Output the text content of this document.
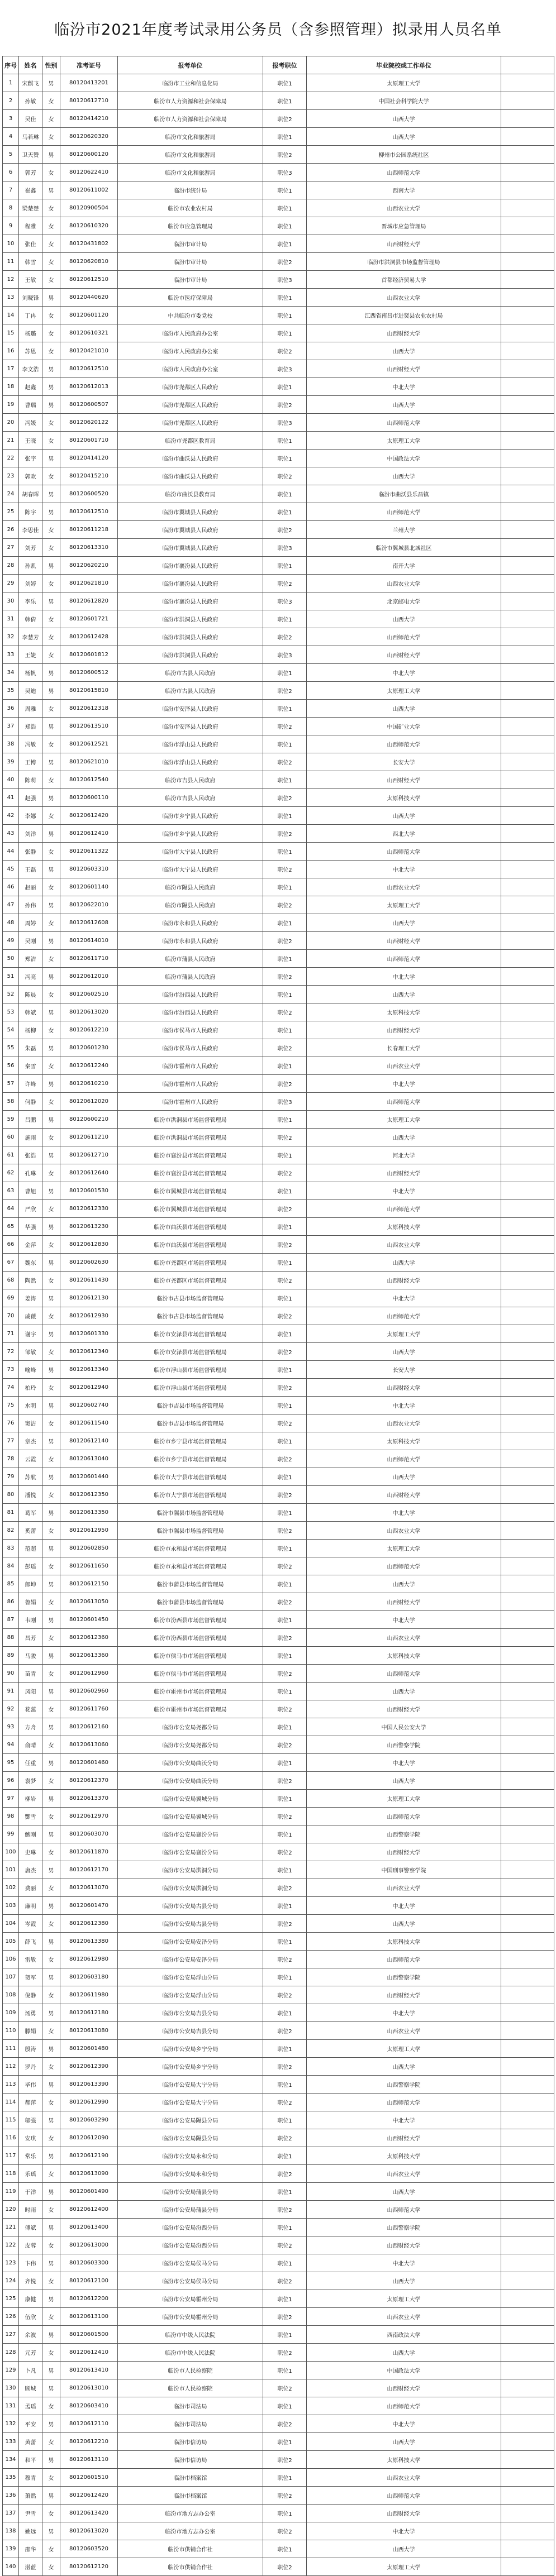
临汾市2021年度考试录用公务员（含参照管理）拟录用人员名单
序号	姓名	性别	准考证号	报考单位	报考职位	毕业院校或工作单位	
1	宋麒飞	男	80120413201	临汾市工业和信息化局	职位1	太原理工大学	
2	孙敏	女	80120612710	临汾市人力资源和社会保障局	职位1	中国社会科学院大学	
3	吴佳	女	80120414210	临汾市人力资源和社会保障局	职位2	山西大学	
4	马若琳	女	80120620320	临汾市文化和旅游局	职位1	山西大学	
5	卫天赞	男	80120600120	临汾市文化和旅游局	职位2	柳州市公园系统社区	
6	郭芳	女	80120622410	临汾市文化和旅游局	职位3	山西师范大学	
7	崔鑫	男	80120611002	临汾市统计局	职位1	西南大学	
8	梁楚楚	女	80120900504	临汾市农业农村局	职位1	山西农业大学	
9	程雅	女	80120610320	临汾市应急管理局	职位1	晋城市应急管理局	
10	张佳	女	80120431802	临汾市审计局	职位1	山西财经大学	
11	韩雪	女	80120620810	临汾市审计局	职位2	临汾市洪洞县市场监督管理局	
12	王敏	女	80120612510	临汾市审计局	职位3	首都经济贸易大学	
13	刘晓锋	男	80120440620	临汾市医疗保障局	职位1	山西农业大学	
14	丁冉	女	80120601120	中共临汾市委党校	职位1	江西省南昌市进贤县农业农村局	
15	杨璐	女	80120610321	临汾市人民政府办公室	职位1	山西财经大学	
16	苏思	女	80120421010	临汾市人民政府办公室	职位2	山西大学	
17	李文浩	男	80120612510	临汾市人民政府办公室	职位3	山西财经大学	
18	赵鑫	男	80120612013	临汾市尧都区人民政府	职位1	中北大学	
19	曹瑞	男	80120600507	临汾市尧都区人民政府	职位2	山西大学	
20	冯媛	女	80120620122	临汾市尧都区人民政府	职位3	山西师范大学	
21	王晓	女	80120601710	临汾市尧都区教育局	职位1	太原理工大学	
22	张宇	男	80120414120	临汾市曲沃县人民政府	职位1	中国政法大学	
23	郭欢	女	80120415210	临汾市曲沃县人民政府	职位2	山西大学	
24	胡春晖	男	80120600520	临汾市曲沃县教育局	职位1	临汾市曲沃县乐昌镇	
25	陈宇	男	80120612510	临汾市翼城县人民政府	职位1	山西师范大学	
26	李思佳	女	80120611218	临汾市翼城县人民政府	职位2	兰州大学	
27	刘芳	女	80120613310	临汾市翼城县人民政府	职位3	临汾市翼城县北城社区	
28	孙凯	男	80120620210	临汾市襄汾县人民政府	职位1	南开大学	
29	刘婷	女	80120621810	临汾市襄汾县人民政府	职位2	山西农业大学	
30	李乐	男	80120612820	临汾市襄汾县人民政府	职位3	北京邮电大学	
31	韩倩	女	80120601721	临汾市洪洞县人民政府	职位1	山西大学	
32	李慧芳	女	80120612428	临汾市洪洞县人民政府	职位2	山西师范大学	
33	王婕	女	80120601812	临汾市洪洞县人民政府	职位3	山西财经大学	
34	杨帆	男	80120600512	临汾市古县人民政府	职位1	中北大学	
35	吴迪	男	80120615810	临汾市古县人民政府	职位2	太原理工大学	
36	周雅	女	80120612318	临汾市安泽县人民政府	职位1	山西大学	
37	郑浩	男	80120613510	临汾市安泽县人民政府	职位2	中国矿业大学	
38	冯敏	女	80120612521	临汾市浮山县人民政府	职位1	山西师范大学	
39	王博	男	80120621010	临汾市浮山县人民政府	职位2	长安大学	
40	陈莉	女	80120612540	临汾市吉县人民政府	职位1	山西财经大学	
41	赵强	男	80120600110	临汾市吉县人民政府	职位2	太原科技大学	
42	李娜	女	80120612420	临汾市乡宁县人民政府	职位1	山西大学	
43	刘洋	男	80120612410	临汾市乡宁县人民政府	职位2	西北大学	
44	张静	女	80120611322	临汾市大宁县人民政府	职位1	山西师范大学	
45	王磊	男	80120603310	临汾市大宁县人民政府	职位2	中北大学	
46	赵丽	女	80120601140	临汾市隰县人民政府	职位1	山西农业大学	
47	孙伟	男	80120622010	临汾市隰县人民政府	职位2	太原理工大学	
48	周婷	女	80120612608	临汾市永和县人民政府	职位1	山西大学	
49	吴刚	男	80120614010	临汾市永和县人民政府	职位2	山西财经大学	
50	郑洁	女	80120611710	临汾市蒲县人民政府	职位1	山西师范大学	
51	冯亮	男	80120612010	临汾市蒲县人民政府	职位2	中北大学	
52	陈晨	女	80120602510	临汾市汾西县人民政府	职位1	山西大学	
53	韩斌	男	80120613020	临汾市汾西县人民政府	职位2	太原科技大学	
54	杨柳	女	80120612210	临汾市侯马市人民政府	职位1	山西财经大学	
55	朱磊	男	80120601230	临汾市侯马市人民政府	职位2	长春理工大学	
56	秦雪	女	80120612240	临汾市霍州市人民政府	职位1	山西农业大学	
57	许峰	男	80120610210	临汾市霍州市人民政府	职位2	中北大学	
58	何静	女	80120612020	临汾市霍州市人民政府	职位3	山西师范大学	
59	吕鹏	男	80120600210	临汾市洪洞县市场监督管理局	职位1	太原理工大学	
60	施雨	女	80120611210	临汾市洪洞县市场监督管理局	职位2	山西大学	
61	张浩	男	80120612710	临汾市襄汾县市场监督管理局	职位1	河北大学	
62	孔琳	女	80120612640	临汾市襄汾县市场监督管理局	职位2	山西财经大学	
63	曹旭	男	80120601530	临汾市翼城县市场监督管理局	职位1	中北大学	
64	严欣	女	80120612330	临汾市翼城县市场监督管理局	职位2	山西师范大学	
65	华强	男	80120613230	临汾市曲沃县市场监督管理局	职位1	太原科技大学	
66	金萍	女	80120612830	临汾市曲沃县市场监督管理局	职位2	山西农业大学	
67	魏东	男	80120602630	临汾市尧都区市场监督管理局	职位1	山西大学	
68	陶然	女	80120611430	临汾市尧都区市场监督管理局	职位2	山西财经大学	
69	姜涛	男	80120612130	临汾市古县市场监督管理局	职位1	中北大学	
70	戚薇	女	80120612930	临汾市古县市场监督管理局	职位2	山西师范大学	
71	谢宇	男	80120601330	临汾市安泽县市场监督管理局	职位1	太原理工大学	
72	邹敏	女	80120612340	临汾市安泽县市场监督管理局	职位2	山西大学	
73	喻峰	男	80120613340	临汾市浮山县市场监督管理局	职位1	长安大学	
74	柏玲	女	80120612940	临汾市浮山县市场监督管理局	职位2	山西财经大学	
75	水明	男	80120602740	临汾市吉县市场监督管理局	职位1	中北大学	
76	窦洁	女	80120611540	临汾市吉县市场监督管理局	职位2	山西农业大学	
77	章杰	男	80120612140	临汾市乡宁县市场监督管理局	职位1	太原科技大学	
78	云霞	女	80120613040	临汾市乡宁县市场监督管理局	职位2	山西师范大学	
79	苏航	男	80120601440	临汾市大宁县市场监督管理局	职位1	山西大学	
80	潘悦	女	80120612350	临汾市大宁县市场监督管理局	职位2	山西财经大学	
81	葛军	男	80120613350	临汾市隰县市场监督管理局	职位1	中北大学	
82	奚蕾	女	80120612950	临汾市隰县市场监督管理局	职位2	山西农业大学	
83	范超	男	80120602850	临汾市永和县市场监督管理局	职位1	太原理工大学	
84	彭瑶	女	80120611650	临汾市永和县市场监督管理局	职位2	山西师范大学	
85	郎坤	男	80120612150	临汾市蒲县市场监督管理局	职位1	山西大学	
86	鲁娟	女	80120613050	临汾市蒲县市场监督管理局	职位2	山西财经大学	
87	韦刚	男	80120601450	临汾市汾西县市场监督管理局	职位1	中北大学	
88	昌芳	女	80120612360	临汾市汾西县市场监督管理局	职位2	山西农业大学	
89	马骏	男	80120613360	临汾市侯马市市场监督管理局	职位1	太原科技大学	
90	苗青	女	80120612960	临汾市侯马市市场监督管理局	职位2	山西师范大学	
91	凤阳	男	80120602960	临汾市霍州市市场监督管理局	职位1	山西大学	
92	花蕊	女	80120611760	临汾市霍州市市场监督管理局	职位2	山西财经大学	
93	方舟	男	80120612160	临汾市公安局尧都分局	职位1	中国人民公安大学	
94	俞晴	女	80120613060	临汾市公安局尧都分局	职位2	山西警察学院	
95	任重	男	80120601460	临汾市公安局曲沃分局	职位1	中北大学	
96	袁梦	女	80120612370	临汾市公安局曲沃分局	职位2	山西大学	
97	柳岩	男	80120613370	临汾市公安局翼城分局	职位1	太原理工大学	
98	酆雪	女	80120612970	临汾市公安局翼城分局	职位2	山西师范大学	
99	鲍刚	男	80120603070	临汾市公安局襄汾分局	职位1	山西警察学院	
100	史琳	女	80120611870	临汾市公安局襄汾分局	职位2	山西财经大学	
101	唐杰	男	80120612170	临汾市公安局洪洞分局	职位1	中国刑事警察学院	
102	费丽	女	80120613070	临汾市公安局洪洞分局	职位2	山西农业大学	
103	廉明	男	80120601470	临汾市公安局古县分局	职位1	中北大学	
104	岑霞	女	80120612380	临汾市公安局古县分局	职位2	山西大学	
105	薛飞	男	80120613380	临汾市公安局安泽分局	职位1	太原科技大学	
106	雷敏	女	80120612980	临汾市公安局安泽分局	职位2	山西师范大学	
107	贺军	男	80120603180	临汾市公安局浮山分局	职位1	山西警察学院	
108	倪静	女	80120611980	临汾市公安局浮山分局	职位2	山西财经大学	
109	汤勇	男	80120612180	临汾市公安局吉县分局	职位1	中北大学	
110	滕娟	女	80120613080	临汾市公安局吉县分局	职位2	山西农业大学	
111	殷涛	男	80120601480	临汾市公安局乡宁分局	职位1	太原理工大学	
112	罗丹	女	80120612390	临汾市公安局乡宁分局	职位2	山西大学	
113	毕伟	男	80120613390	临汾市公安局大宁分局	职位1	山西警察学院	
114	郝萍	女	80120612990	临汾市公安局大宁分局	职位2	山西师范大学	
115	邬强	男	80120603290	临汾市公安局隰县分局	职位1	中北大学	
116	安琪	女	80120612090	临汾市公安局隰县分局	职位2	山西财经大学	
117	常乐	男	80120612190	临汾市公安局永和分局	职位1	太原科技大学	
118	乐瑶	女	80120613090	临汾市公安局永和分局	职位2	山西农业大学	
119	于洋	男	80120601490	临汾市公安局蒲县分局	职位1	山西大学	
120	时雨	女	80120612400	临汾市公安局蒲县分局	职位2	山西师范大学	
121	傅斌	男	80120613400	临汾市公安局汾西分局	职位1	山西警察学院	
122	皮蓉	女	80120613000	临汾市公安局汾西分局	职位2	山西财经大学	
123	卞伟	男	80120603300	临汾市公安局侯马分局	职位1	中北大学	
124	齐悦	女	80120612100	临汾市公安局侯马分局	职位2	山西大学	
125	康健	男	80120612200	临汾市公安局霍州分局	职位1	太原理工大学	
126	伍欣	女	80120613100	临汾市公安局霍州分局	职位2	山西农业大学	
127	余波	男	80120601500	临汾市中级人民法院	职位1	西南政法大学	
128	元芳	女	80120612410	临汾市中级人民法院	职位2	山西大学	
129	卜凡	男	80120613410	临汾市人民检察院	职位1	中国政法大学	
130	顾城	男	80120613010	临汾市人民检察院	职位2	山西财经大学	
131	孟瑶	女	80120603410	临汾市司法局	职位1	山西师范大学	
132	平安	男	80120612110	临汾市司法局	职位2	中北大学	
133	黄蕾	女	80120612210	临汾市信访局	职位1	山西大学	
134	和平	男	80120613110	临汾市信访局	职位2	太原科技大学	
135	穆青	女	80120601510	临汾市档案馆	职位1	山西农业大学	
136	萧然	男	80120612420	临汾市档案馆	职位2	山西师范大学	
137	尹雪	女	80120613420	临汾市地方志办公室	职位1	山西财经大学	
138	姚远	男	80120613020	临汾市地方志办公室	职位2	中北大学	
139	邵华	女	80120603520	临汾市供销合作社	职位1	山西大学	
140	湛蓝	女	80120612120	临汾市供销合作社	职位2	太原理工大学	
